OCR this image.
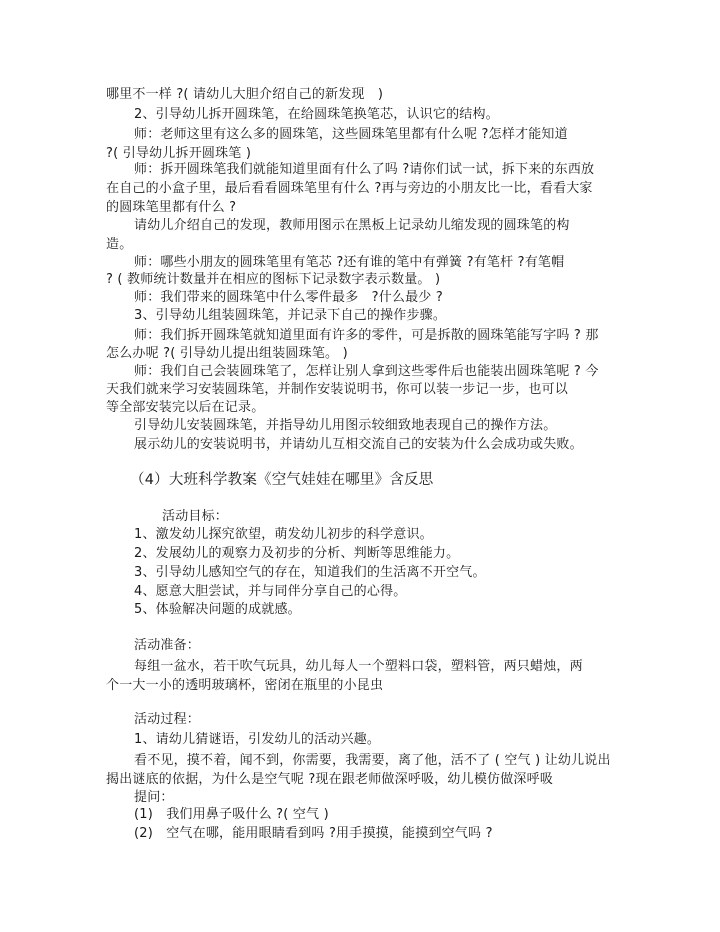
哪里不一样 ?( 请幼儿大胆介绍自己的新发现　)
2、引导幼儿拆开圆珠笔，在给圆珠笔换笔芯，认识它的结构。
师：老师这里有这么多的圆珠笔，这些圆珠笔里都有什么呢 ?怎样才能知道
?( 引导幼儿拆开圆珠笔 )
师：拆开圆珠笔我们就能知道里面有什么了吗 ?请你们试一试，拆下来的东西放
在自己的小盒子里，最后看看圆珠笔里有什么 ?再与旁边的小朋友比一比，看看大家
的圆珠笔里都有什么 ?
请幼儿介绍自己的发现，教师用图示在黑板上记录幼儿缩发现的圆珠笔的构
造。
师：哪些小朋友的圆珠笔里有笔芯 ?还有谁的笔中有弹簧 ?有笔杆 ?有笔帽
? ( 教师统计数量并在相应的图标下记录数字表示数量。 )
师：我们带来的圆珠笔中什么零件最多　?什么最少 ?
3、引导幼儿组装圆珠笔，并记录下自己的操作步骤。
师：我们拆开圆珠笔就知道里面有许多的零件，可是拆散的圆珠笔能写字吗 ? 那
怎么办呢 ?( 引导幼儿提出组装圆珠笔。 )
师：我们自己会装圆珠笔了，怎样让别人拿到这些零件后也能装出圆珠笔呢 ? 今
天我们就来学习安装圆珠笔，并制作安装说明书，你可以装一步记一步，也可以
等全部安装完以后在记录。
引导幼儿安装圆珠笔，并指导幼儿用图示较细致地表现自己的操作方法。
展示幼儿的安装说明书，并请幼儿互相交流自己的安装为什么会成功或失败。
（4）大班科学教案《空气娃娃在哪里》含反思
活动目标：
1、激发幼儿探究欲望，萌发幼儿初步的科学意识。
2、发展幼儿的观察力及初步的分析、判断等思维能力。
3、引导幼儿感知空气的存在，知道我们的生活离不开空气。
4、愿意大胆尝试，并与同伴分享自己的心得。
5、体验解决问题的成就感。
活动准备：
每组一盆水，若干吹气玩具，幼儿每人一个塑料口袋，塑料管，两只蜡烛，两
个一大一小的透明玻璃杯，密闭在瓶里的小昆虫
活动过程：
1、请幼儿猜谜语，引发幼儿的活动兴趣。
看不见，摸不着，闻不到，你需要，我需要，离了他，活不了 ( 空气 ) 让幼儿说出
揭出谜底的依据，为什么是空气呢 ?现在跟老师做深呼吸，幼儿模仿做深呼吸
提问：
(1)　我们用鼻子吸什么 ?( 空气 )
(2)　空气在哪，能用眼睛看到吗 ?用手摸摸，能摸到空气吗 ?
